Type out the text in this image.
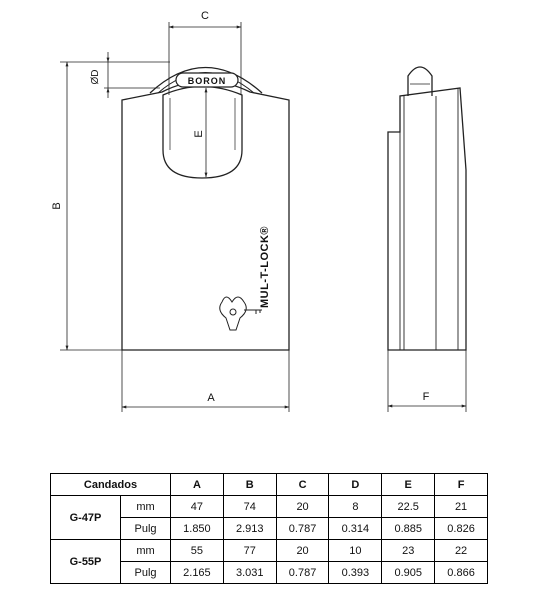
BORON
MUL-T-LOCK®
C
ØD
E
B
A	F
Candados		A	B	C	D	E	F
G-47P	mm	47	74	20	8	22.5	21
	Pulg	1.850	2.913	0.787	0.314	0.885	0.826
G-55P	mm	55	77	20	10	23	22
	Pulg	2.165	3.031	0.787	0.393	0.905	0.866
